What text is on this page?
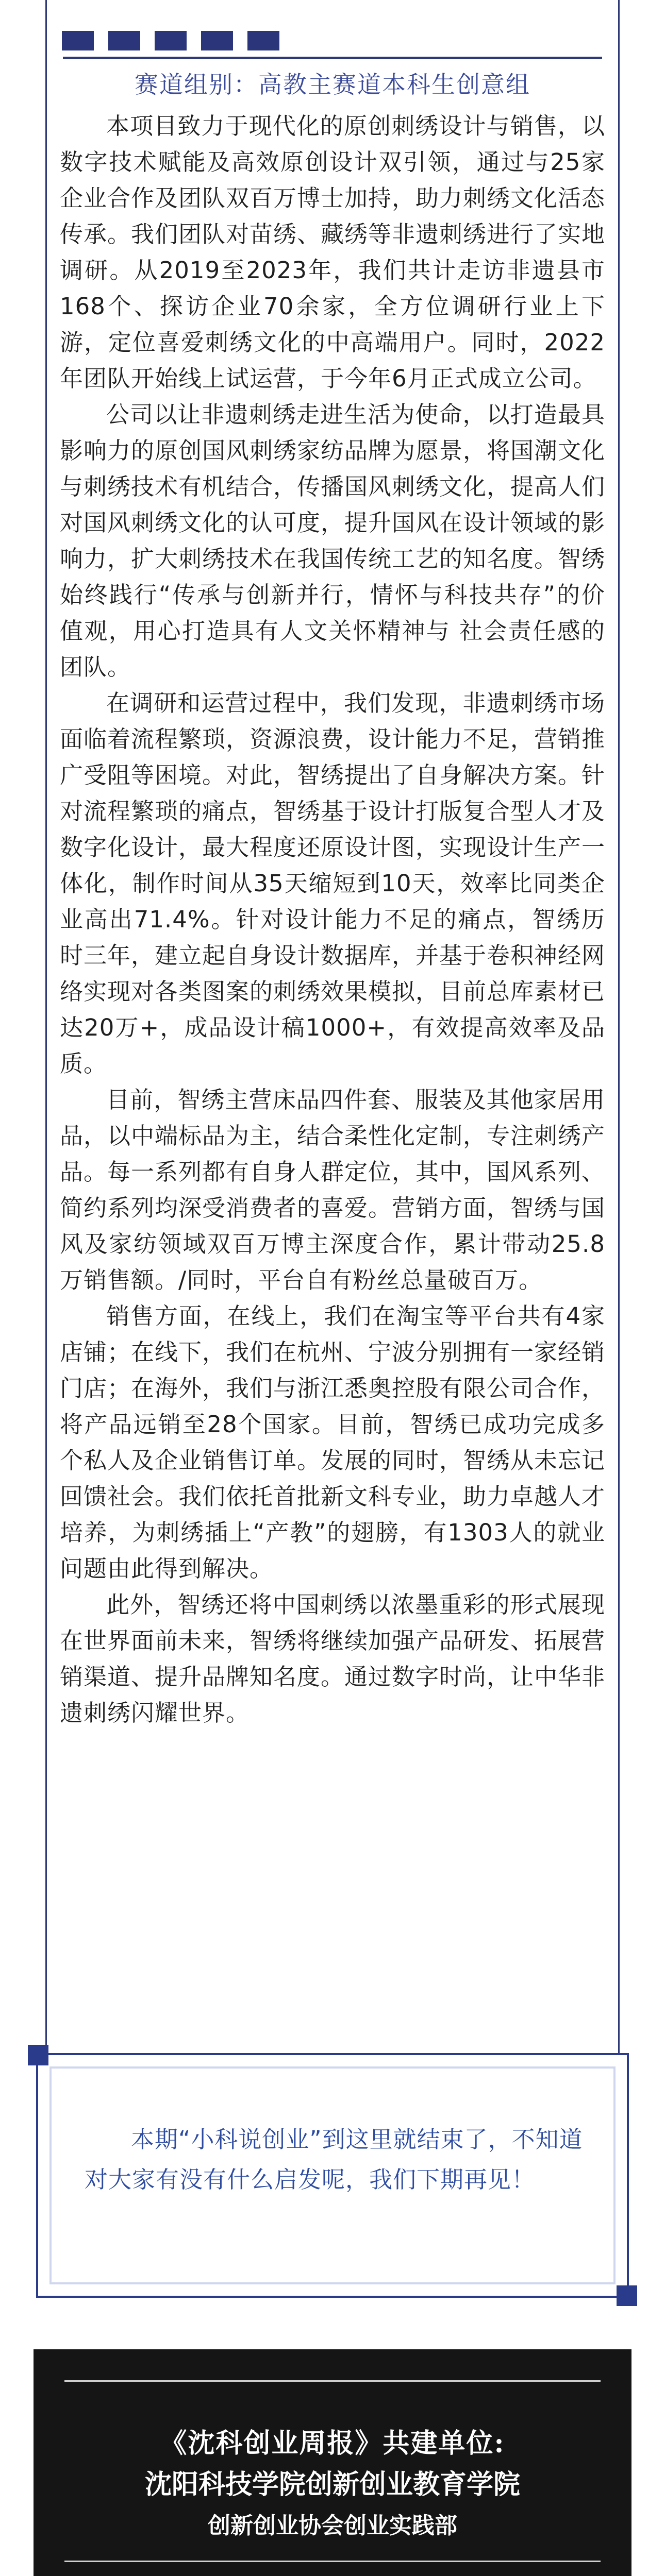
赛道组别：高教主赛道本科生创意组

本项目致力于现代化的原创刺绣设计与销售，以数字技术赋能及高效原创设计双引领，通过与25家企业合作及团队双百万博士加持，助力刺绣文化活态传承。我们团队对苗绣、藏绣等非遗刺绣进行了实地调研。从2019至2023年，我们共计走访非遗县市168个、探访企业70余家，全方位调研行业上下游，定位喜爱刺绣文化的中高端用户。同时，2022年团队开始线上试运营，于今年6月正式成立公司。

公司以让非遗刺绣走进生活为使命，以打造最具影响力的原创国风刺绣家纺品牌为愿景，将国潮文化与刺绣技术有机结合，传播国风刺绣文化，提高人们对国风刺绣文化的认可度，提升国风在设计领域的影响力，扩大刺绣技术在我国传统工艺的知名度。智绣始终践行“传承与创新并行，情怀与科技共存”的价值观，用心打造具有人文关怀精神与 社会责任感的团队。

在调研和运营过程中，我们发现，非遗刺绣市场面临着流程繁琐，资源浪费，设计能力不足，营销推广受阻等困境。对此，智绣提出了自身解决方案。针对流程繁琐的痛点，智绣基于设计打版复合型人才及数字化设计，最大程度还原设计图，实现设计生产一体化，制作时间从35天缩短到10天，效率比同类企业高出71.4%。针对设计能力不足的痛点，智绣历时三年，建立起自身设计数据库，并基于卷积神经网络实现对各类图案的刺绣效果模拟，目前总库素材已达20万+，成品设计稿1000+，有效提高效率及品质。

目前，智绣主营床品四件套、服装及其他家居用品，以中端标品为主，结合柔性化定制，专注刺绣产品。每一系列都有自身人群定位，其中，国风系列、简约系列均深受消费者的喜爱。营销方面，智绣与国风及家纺领域双百万博主深度合作，累计带动25.8万销售额。/同时，平台自有粉丝总量破百万。

销售方面，在线上，我们在淘宝等平台共有4家店铺；在线下，我们在杭州、宁波分别拥有一家经销门店；在海外，我们与浙江悉奥控股有限公司合作，将产品远销至28个国家。目前，智绣已成功完成多个私人及企业销售订单。发展的同时，智绣从未忘记回馈社会。我们依托首批新文科专业，助力卓越人才培养，为刺绣插上“产教”的翅膀，有1303人的就业问题由此得到解决。

此外，智绣还将中国刺绣以浓墨重彩的形式展现在世界面前未来，智绣将继续加强产品研发、拓展营销渠道、提升品牌知名度。通过数字时尚，让中华非遗刺绣闪耀世界。

本期“小科说创业”到这里就结束了，不知道对大家有没有什么启发呢，我们下期再见！
《沈科创业周报》共建单位:
沈阳科技学院创新创业教育学院
创新创业协会创业实践部
